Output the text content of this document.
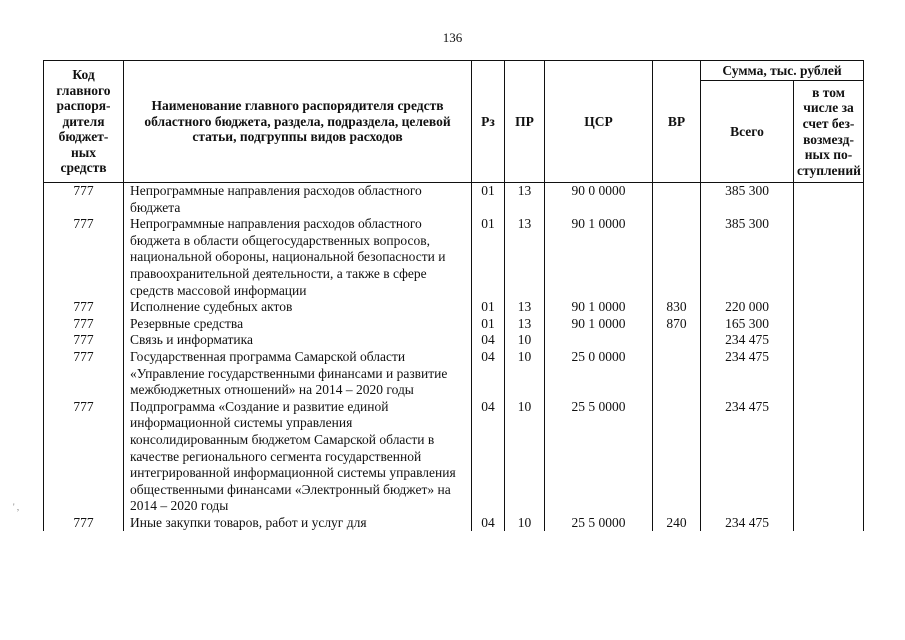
136
' ,
Код главного распоря-дителя бюджет-ных средств	Наименование главного распорядителя средств областного бюджета, раздела, подраздела, целевой статьи, подгруппы видов расходов	Рз	ПР	ЦСР	ВР	Сумма, тыс. рублей	
						Всего	в том числе за счет без-возмезд-ных по-ступлений
777	Непрограммные направления расходов областного бюджета	01	13	90 0 0000		385 300	
777	Непрограммные направления расходов областного бюджета в области общегосударственных вопросов, национальной обороны, национальной безопасности и правоохранительной деятельности, а также в сфере средств массовой информации	01	13	90 1 0000		385 300	
777	Исполнение судебных актов	01	13	90 1 0000	830	220 000	
777	Резервные средства	01	13	90 1 0000	870	165 300	
777	Связь и информатика	04	10			234 475	
777	Государственная программа Самарской области «Управление государственными финансами и развитие межбюджетных отношений» на 2014 – 2020 годы	04	10	25 0 0000		234 475	
777	Подпрограмма «Создание и развитие единой информационной системы управления консолидированным бюджетом Самарской области в качестве регионального сегмента государственной интегрированной информационной системы управления общественными финансами «Электронный бюджет» на 2014 – 2020 годы	04	10	25 5 0000		234 475	
777	Иные закупки товаров, работ и услуг для	04	10	25 5 0000	240	234 475	
